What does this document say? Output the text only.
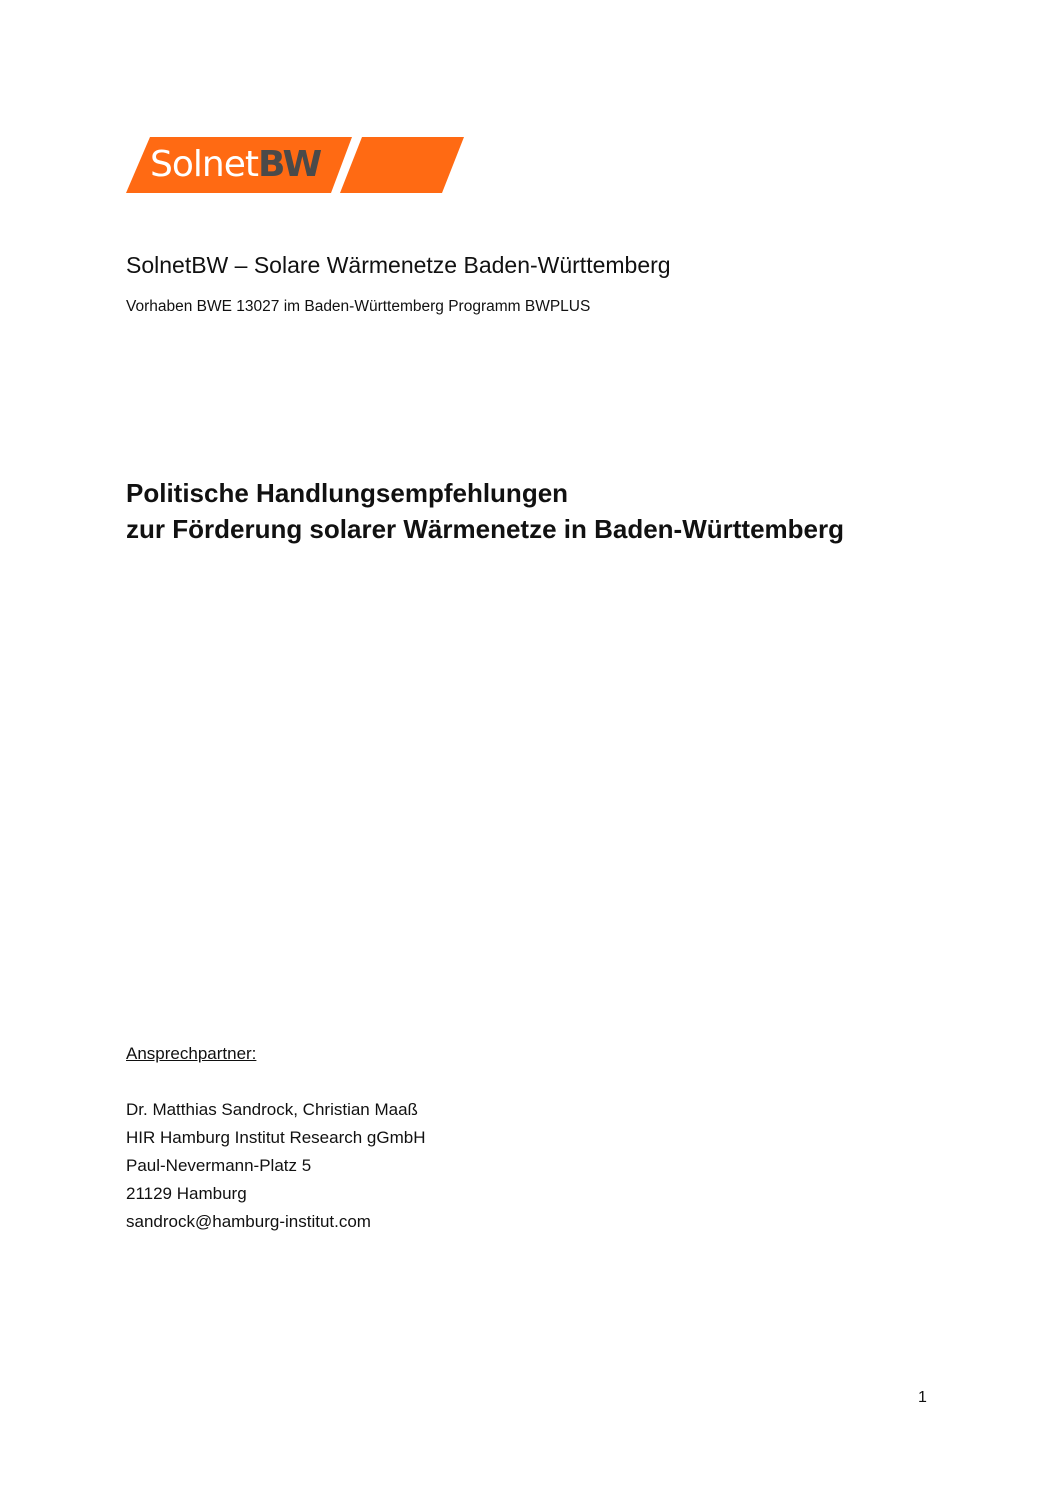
SolnetBW
SolnetBW – Solare Wärmenetze Baden-Württemberg
Vorhaben BWE 13027 im Baden-Württemberg Programm BWPLUS
Politische Handlungsempfehlungen
zur Förderung solarer Wärmenetze in Baden-Württemberg
Ansprechpartner:
Dr. Matthias Sandrock, Christian Maaß
HIR Hamburg Institut Research gGmbH
Paul-Nevermann-Platz 5
21129 Hamburg
sandrock@hamburg-institut.com
1
